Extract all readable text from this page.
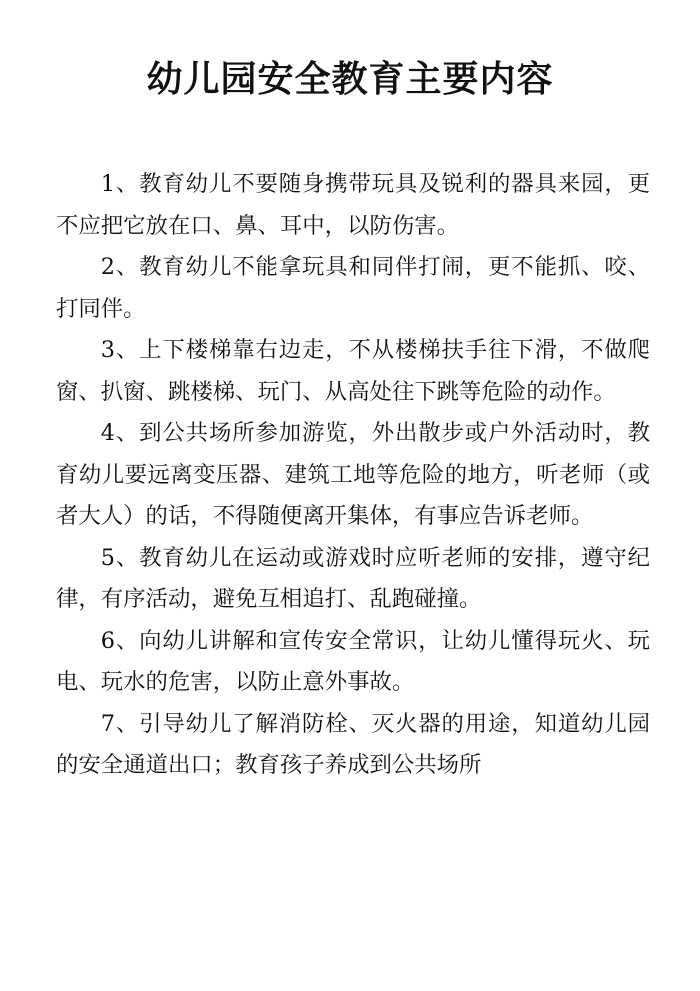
幼儿园安全教育主要内容

1、教育幼儿不要随身携带玩具及锐利的器具来园，更不应把它放在口、鼻、耳中，以防伤害。

2、教育幼儿不能拿玩具和同伴打闹，更不能抓、咬、打同伴。

3、上下楼梯靠右边走，不从楼梯扶手往下滑，不做爬窗、扒窗、跳楼梯、玩门、从高处往下跳等危险的动作。

4、到公共场所参加游览，外出散步或户外活动时，教育幼儿要远离变压器、建筑工地等危险的地方，听老师（或者大人）的话，不得随便离开集体，有事应告诉老师。

5、教育幼儿在运动或游戏时应听老师的安排，遵守纪律，有序活动，避免互相追打、乱跑碰撞。

6、向幼儿讲解和宣传安全常识，让幼儿懂得玩火、玩电、玩水的危害，以防止意外事故。

7、引导幼儿了解消防栓、灭火器的用途，知道幼儿园的安全通道出口；教育孩子养成到公共场所
